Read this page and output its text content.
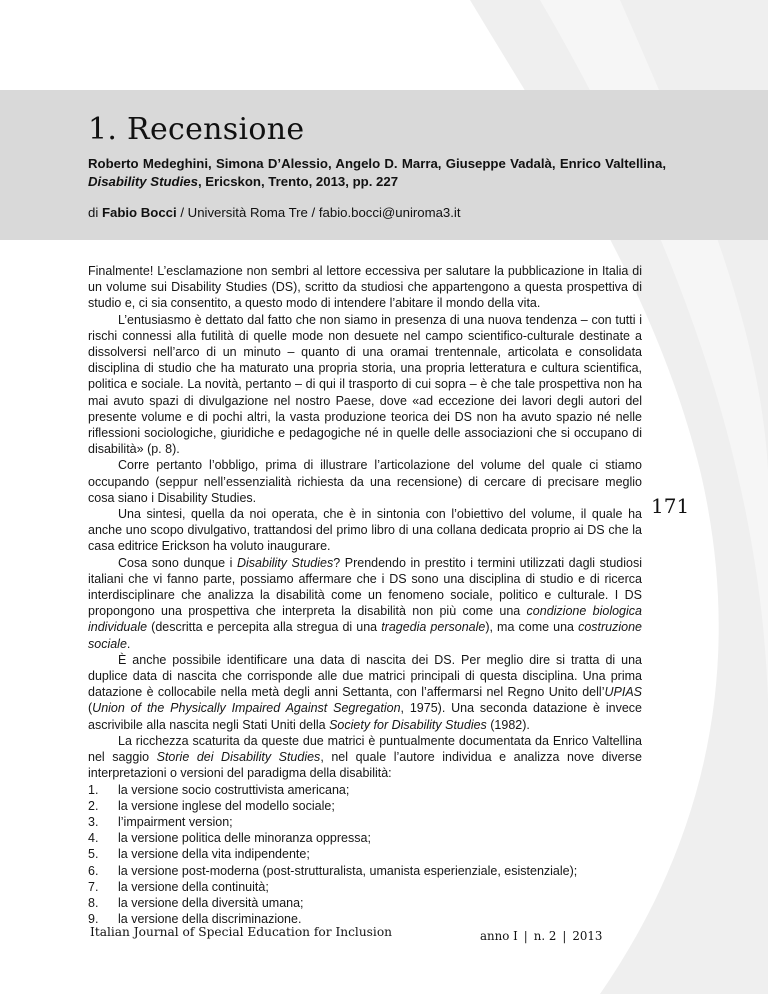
1. Recensione

Roberto Medeghini, Simona D’Alessio, Angelo D. Marra, Giuseppe Vadalà, Enrico Valtellina, Disability Studies, Ericskon, Trento, 2013, pp. 227

di Fabio Bocci / Università Roma Tre / fabio.bocci@uniroma3.it

Finalmente! L’esclamazione non sembri al lettore eccessiva per salutare la pubblicazione in Italia di un volume sui Disability Studies (DS), scritto da studiosi che appartengono a questa prospettiva di studio e, ci sia consentito, a questo modo di intendere l’abitare il mondo della vita.

L’entusiasmo è dettato dal fatto che non siamo in presenza di una nuova tendenza – con tutti i rischi connessi alla futilità di quelle mode non desuete nel campo scientifico-culturale destinate a dissolversi nell’arco di un minuto – quanto di una oramai trentennale, articolata e consolidata disciplina di studio che ha maturato una propria storia, una propria letteratura e cultura scientifica, politica e sociale. La novità, pertanto – di qui il trasporto di cui sopra – è che tale prospettiva non ha mai avuto spazi di divulgazione nel nostro Paese, dove «ad eccezione dei lavori degli autori del presente volume e di pochi altri, la vasta produzione teorica dei DS non ha avuto spazio né nelle riflessioni sociologiche, giuridiche e pedagogiche né in quelle delle associazioni che si occupano di disabilità» (p. 8).

Corre pertanto l’obbligo, prima di illustrare l’articolazione del volume del quale ci stiamo occupando (seppur nell’essenzialità richiesta da una recensione) di cercare di precisare meglio cosa siano i Disability Studies.

Una sintesi, quella da noi operata, che è in sintonia con l’obiettivo del volume, il quale ha anche uno scopo divulgativo, trattandosi del primo libro di una collana dedicata proprio ai DS che la casa editrice Erickson ha voluto inaugurare.

Cosa sono dunque i Disability Studies? Prendendo in prestito i termini utilizzati dagli studiosi italiani che vi fanno parte, possiamo affermare che i DS sono una disciplina di studio e di ricerca interdisciplinare che analizza la disabilità come un fenomeno sociale, politico e culturale. I DS propongono una prospettiva che interpreta la disabilità non più come una condizione biologica individuale (descritta e percepita alla stregua di una tragedia personale), ma come una costruzione sociale.

È anche possibile identificare una data di nascita dei DS. Per meglio dire si tratta di una duplice data di nascita che corrisponde alle due matrici principali di questa disciplina. Una prima datazione è collocabile nella metà degli anni Settanta, con l’affermarsi nel Regno Unito dell’UPIAS (Union of the Physically Impaired Against Segregation, 1975). Una seconda datazione è invece ascrivibile alla nascita negli Stati Uniti della Society for Disability Studies (1982).

La ricchezza scaturita da queste due matrici è puntualmente documentata da Enrico Valtellina nel saggio Storie dei Disability Studies, nel quale l’autore individua e analizza nove diverse interpretazioni o versioni del paradigma della disabilità:

1.	la versione socio costruttivista americana;
2.	la versione inglese del modello sociale;
3.	l’impairment version;
4.	la versione politica delle minoranza oppressa;
5.	la versione della vita indipendente;
6.	la versione post-moderna (post-strutturalista, umanista esperienziale, esistenziale);
7.	la versione della continuità;
8.	la versione della diversità umana;
9.	la versione della discriminazione.
171
Italian Journal of Special Education for Inclusion	anno I | n. 2 | 2013
